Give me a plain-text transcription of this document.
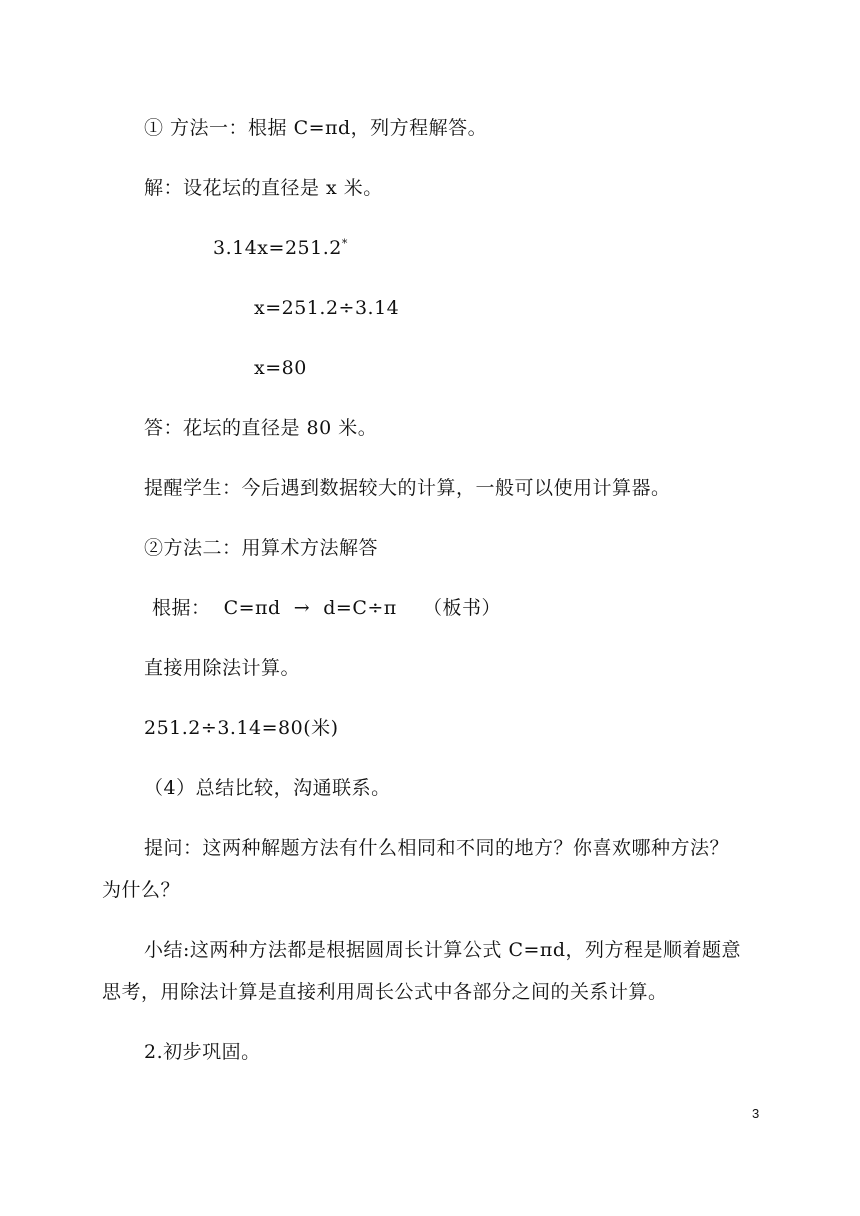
① 方法一：根据 C=πd，列方程解答。
解：设花坛的直径是 x 米。
3.14x=251.2*
x=251.2÷3.14
x=80
答：花坛的直径是 80 米。
提醒学生：今后遇到数据较大的计算，一般可以使用计算器。
②方法二：用算术方法解答
根据：  C=πd  →  d=C÷π    （板书）
直接用除法计算。
251.2÷3.14=80(米)
（4）总结比较，沟通联系。
提问：这两种解题方法有什么相同和不同的地方？你喜欢哪种方法？
为什么？
小结:这两种方法都是根据圆周长计算公式 C=πd，列方程是顺着题意
思考，用除法计算是直接利用周长公式中各部分之间的关系计算。
2.初步巩固。
3
